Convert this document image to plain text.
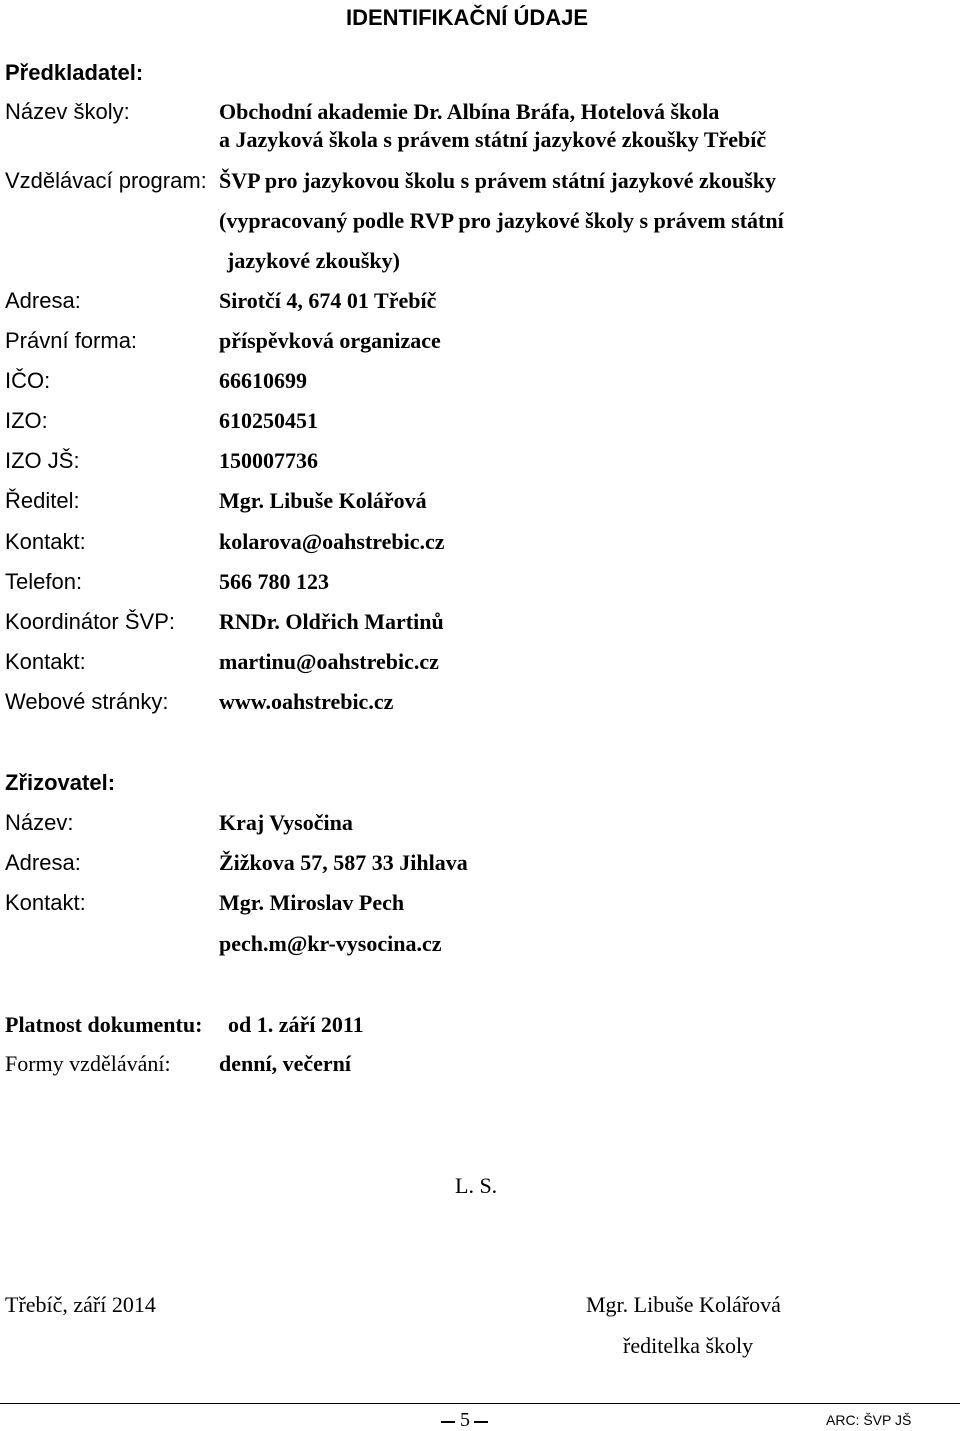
IDENTIFIKAČNÍ ÚDAJE
Předkladatel:
Název školy:	Obchodní akademie Dr. Albína Bráfa, Hotelová škola
a Jazyková škola s právem státní jazykové zkoušky Třebíč
Vzdělávací program: ŠVP pro jazykovou školu s právem státní jazykové zkoušky
(vypracovaný podle RVP pro jazykové školy s právem státní
jazykové zkoušky)
Adresa:	Sirotčí 4, 674 01 Třebíč
Právní forma:	příspěvková organizace
IČO:	66610699
IZO:	610250451
IZO JŠ:	150007736
Ředitel:	Mgr. Libuše Kolářová
Kontakt:	kolarova@oahstrebic.cz
Telefon:	566 780 123
Koordinátor ŠVP: RNDr. Oldřich Martinů
Kontakt:	martinu@oahstrebic.cz
Webové stránky: www.oahstrebic.cz
Zřizovatel:
Název:	Kraj Vysočina
Adresa:	Žižkova 57, 587 33 Jihlava
Kontakt:	Mgr. Miroslav Pech
pech.m@kr-vysocina.cz
Platnost dokumentu: od 1. září 2011
Formy vzdělávání: denní, večerní
L. S.
Třebíč, září 2014	Mgr. Libuše Kolářová
ředitelka školy
5	ARC: ŠVP JŠ
